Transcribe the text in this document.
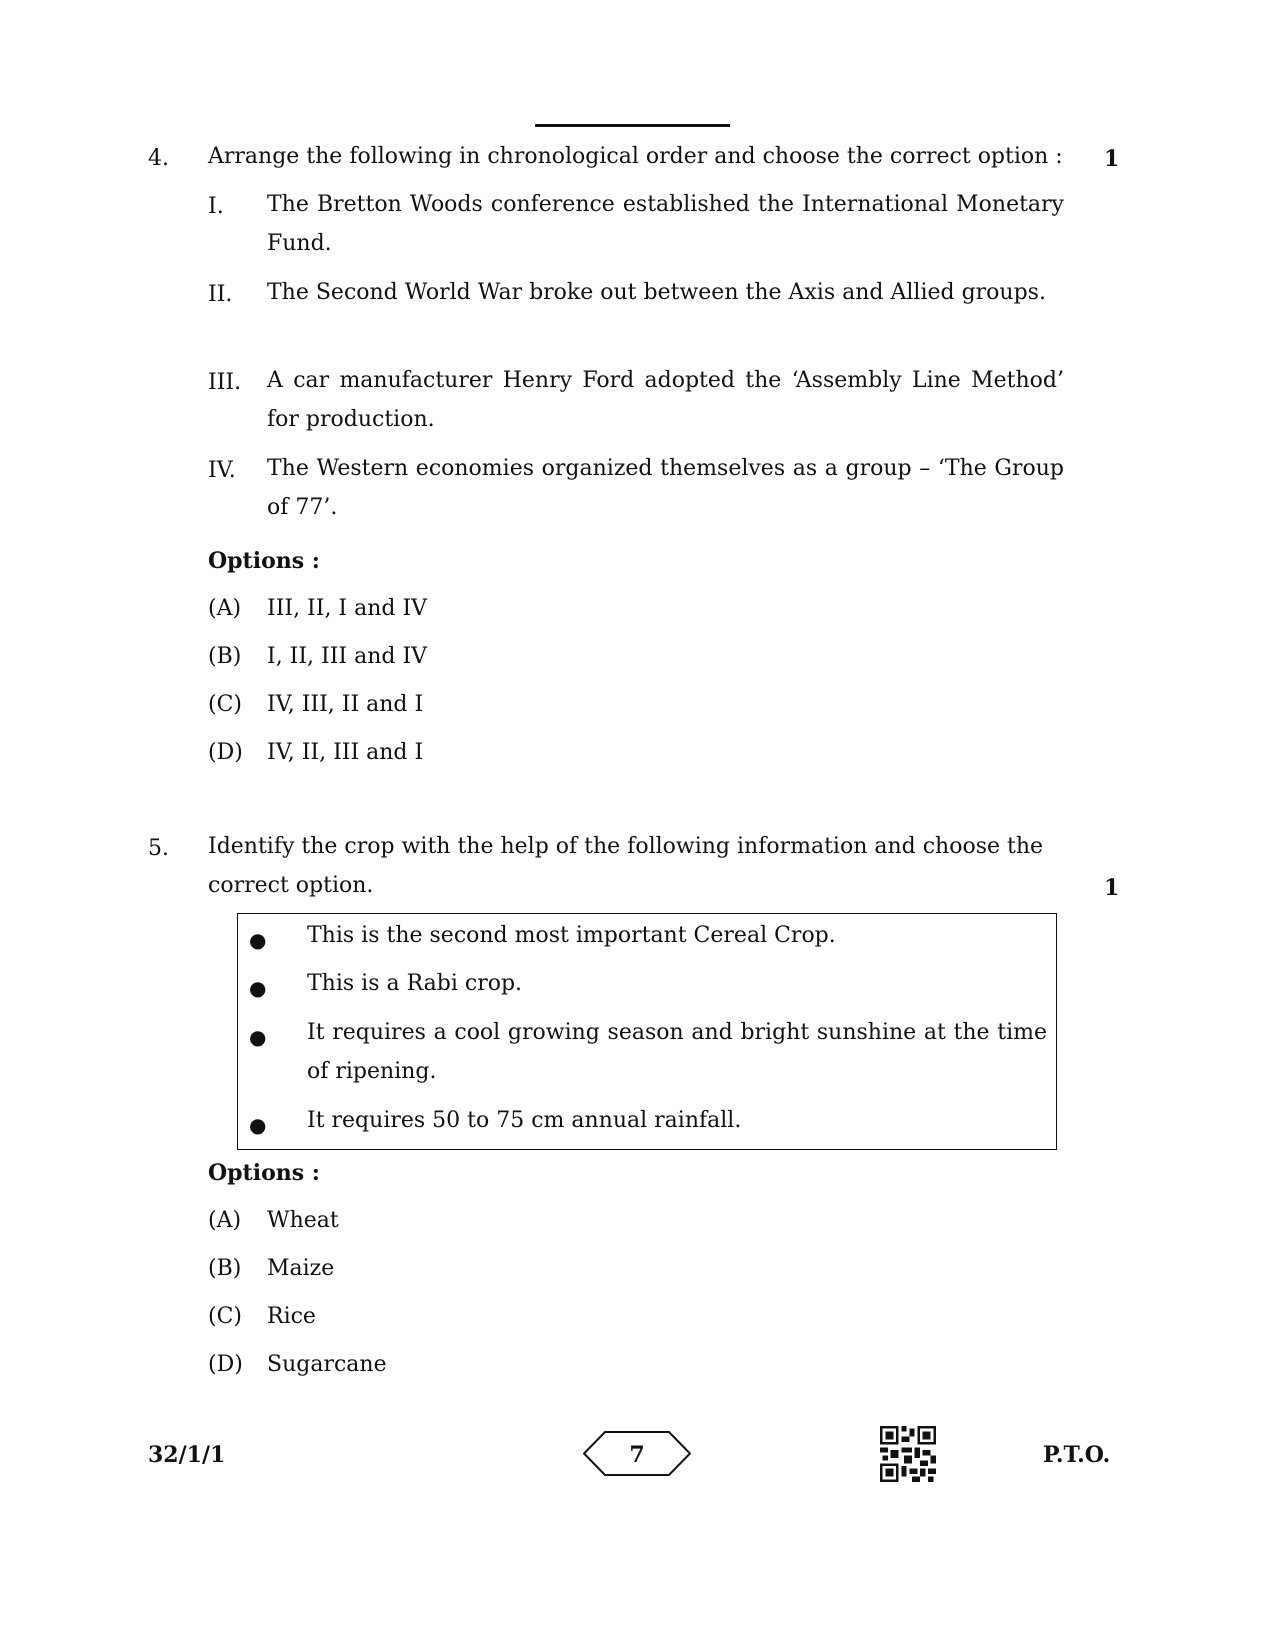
4. Arrange the following in chronological order and choose the correct option : 1
I. The Bretton Woods conference established the International Monetary Fund.
II. The Second World War broke out between the Axis and Allied groups.
III. A car manufacturer Henry Ford adopted the ‘Assembly Line Method’ for production.
IV. The Western economies organized themselves as a group – ‘The Group of 77’.
Options :
(A) III, II, I and IV
(B) I, II, III and IV
(C) IV, III, II and I
(D) IV, II, III and I
5. Identify the crop with the help of the following information and choose the correct option.	1
● This is the second most important Cereal Crop.
● This is a Rabi crop.
● It requires a cool growing season and bright sunshine at the time of ripening.
● It requires 50 to 75 cm annual rainfall.
Options :
(A) Wheat
(B) Maize
(C) Rice
(D) Sugarcane
32/1/1	7	P.T.O.
